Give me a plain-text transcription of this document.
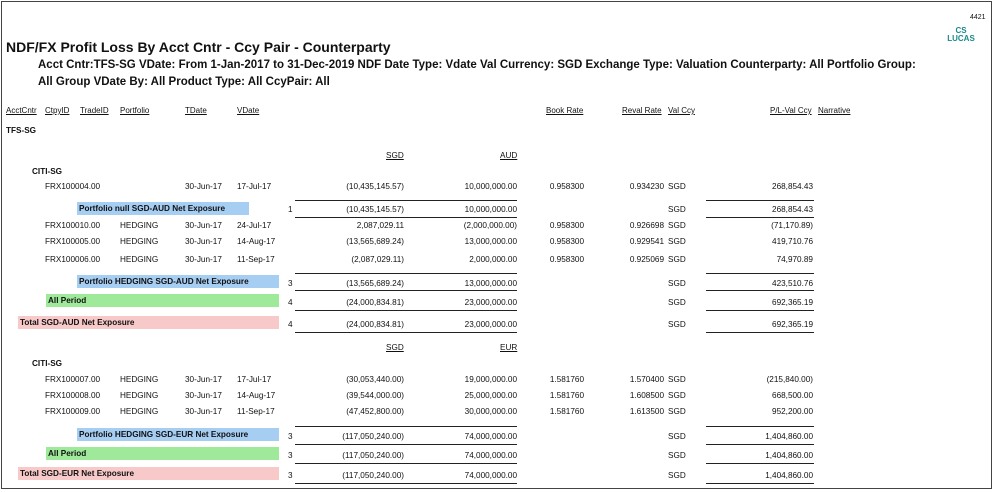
4421
CS
LUCAS
NDF/FX Profit Loss By Acct Cntr - Ccy Pair - Counterparty
Acct Cntr:TFS-SG VDate: From 1-Jan-2017 to 31-Dec-2019 NDF Date Type: Vdate Val Currency: SGD Exchange Type: Valuation Counterparty: All Portfolio Group:
All Group VDate By: All Product Type: All CcyPair: All
AcctCntr CtpyID TradeID Portfolio	TDate	VDate	Book Rate	Reval Rate Val Ccy	P/L-Val Ccy Narrative
TFS-SG
SGD	AUD
CITI-SG
FRX100004.00	30-Jun-17 17-Jul-17	(10,435,145.57)	10,000,000.00	0.958300	0.934230 SGD	268,854.43
Portfolio null SGD-AUD Net Exposure	1	(10,435,145.57)	10,000,000.00	SGD	268,854.43
FRX100010.00 HEDGING	30-Jun-17 24-Jul-17	2,087,029.11	(2,000,000.00)	0.958300	0.926698 SGD	(71,170.89)
FRX100005.00 HEDGING	30-Jun-17 14-Aug-17	(13,565,689.24)	13,000,000.00	0.958300	0.929541 SGD	419,710.76
FRX100006.00 HEDGING	30-Jun-17 11-Sep-17	(2,087,029.11)	2,000,000.00	0.958300	0.925069 SGD	74,970.89
Portfolio HEDGING SGD-AUD Net Exposure	3	(13,565,689.24)	13,000,000.00	SGD	423,510.76
All Period	4	(24,000,834.81)	23,000,000.00	SGD	692,365.19
Total SGD-AUD Net Exposure	4	(24,000,834.81)	23,000,000.00	SGD	692,365.19
SGD	EUR
CITI-SG
FRX100007.00 HEDGING	30-Jun-17 17-Jul-17	(30,053,440.00)	19,000,000.00	1.581760	1.570400 SGD	(215,840.00)
FRX100008.00 HEDGING	30-Jun-17 14-Aug-17	(39,544,000.00)	25,000,000.00	1.581760	1.608500 SGD	668,500.00
FRX100009.00 HEDGING	30-Jun-17 11-Sep-17	(47,452,800.00)	30,000,000.00	1.581760	1.613500 SGD	952,200.00
Portfolio HEDGING SGD-EUR Net Exposure	3	(117,050,240.00)	74,000,000.00	SGD	1,404,860.00
All Period	3	(117,050,240.00)	74,000,000.00	SGD	1,404,860.00
Total SGD-EUR Net Exposure	3	(117,050,240.00)	74,000,000.00	SGD	1,404,860.00
